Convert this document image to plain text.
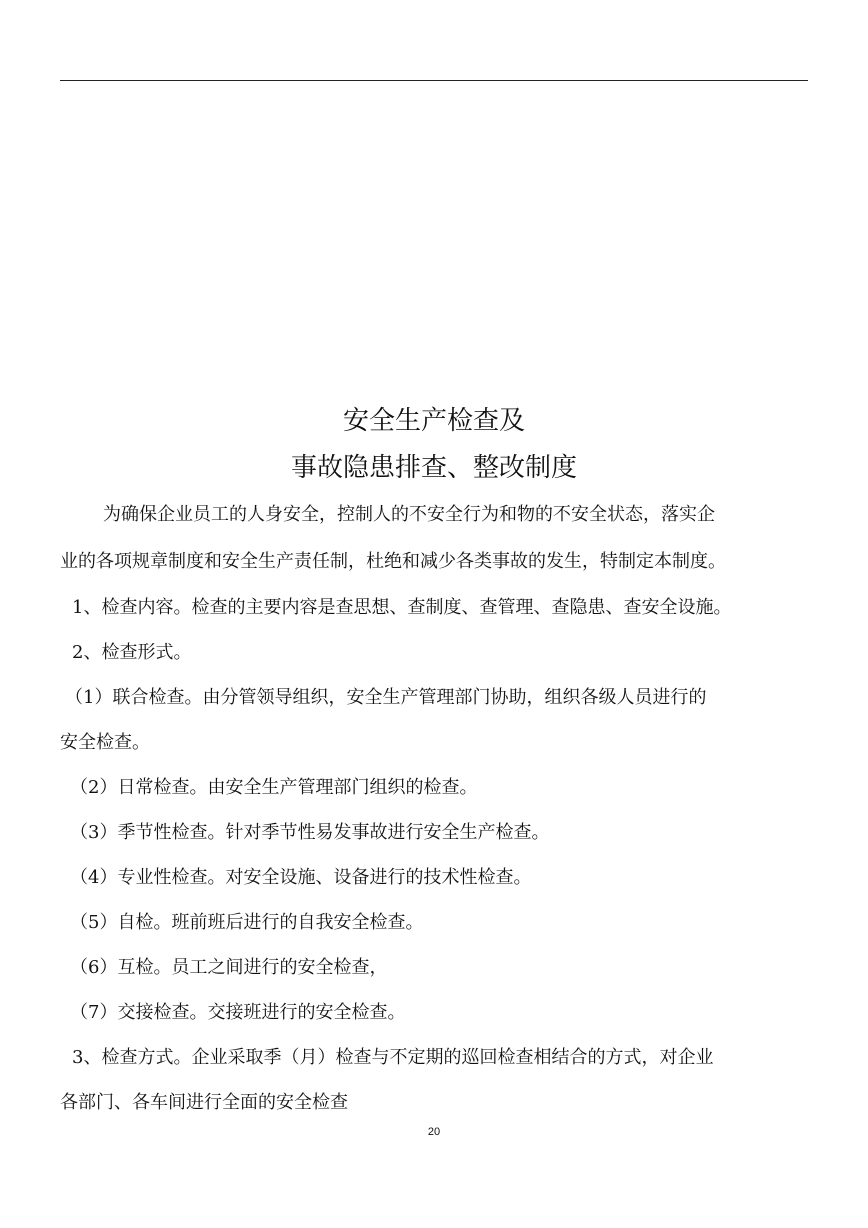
安全生产检查及
事故隐患排查、整改制度
为确保企业员工的人身安全，控制人的不安全行为和物的不安全状态，落实企
业的各项规章制度和安全生产责任制，杜绝和减少各类事故的发生，特制定本制度。
1、检查内容。检查的主要内容是查思想、查制度、查管理、查隐患、查安全设施。
2、检查形式。
（1）联合检查。由分管领导组织，安全生产管理部门协助，组织各级人员进行的
安全检查。
（2）日常检查。由安全生产管理部门组织的检查。
（3）季节性检查。针对季节性易发事故进行安全生产检查。
（4）专业性检查。对安全设施、设备进行的技术性检查。
（5）自检。班前班后进行的自我安全检查。
（6）互检。员工之间进行的安全检查，
（7）交接检查。交接班进行的安全检查。
3、检查方式。企业采取季（月）检查与不定期的巡回检查相结合的方式，对企业
各部门、各车间进行全面的安全检查
20
